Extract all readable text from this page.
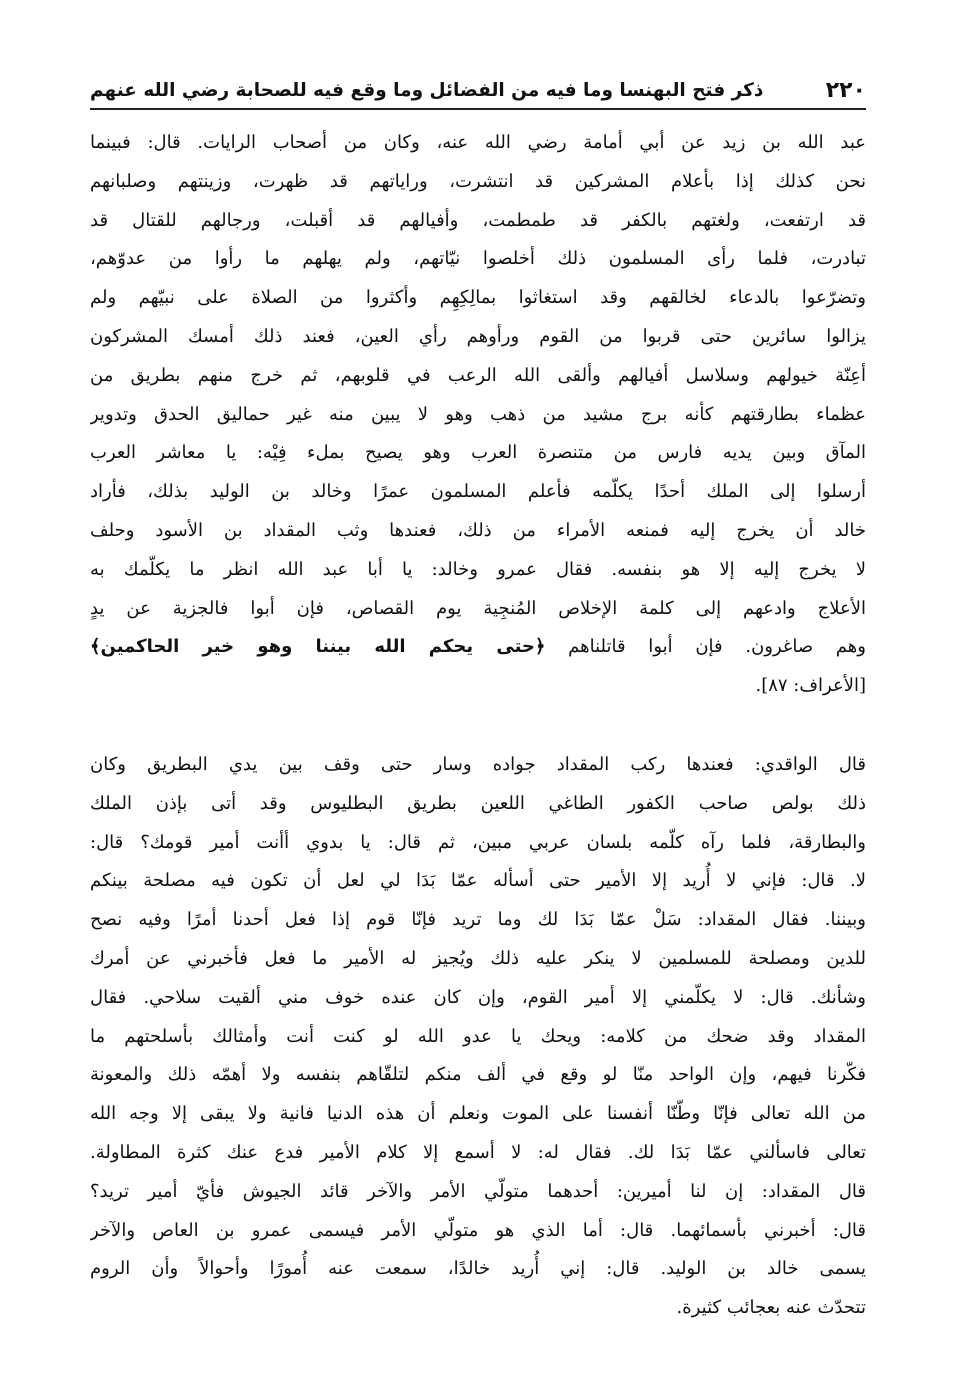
٢٢٠
ذكر فتح البهنسا وما فيه من الفضائل وما وقع فيه للصحابة رضي الله عنهم
عبد الله بن زيد عن أبي أمامة رضي الله عنه، وكان من أصحاب الرايات. قال: فبينما
نحن كذلك إذا بأعلام المشركين قد انتشرت، وراياتهم قد ظهرت، وزينتهم وصلبانهم
قد ارتفعت، ولغتهم بالكفر قد طمطمت، وأفيالهم قد أقبلت، ورجالهم للقتال قد
تبادرت، فلما رأى المسلمون ذلك أخلصوا نيّاتهم، ولم يهلهم ما رأوا من عدوّهم،
وتضرّعوا بالدعاء لخالقهم وقد استغاثوا بمالِكِهِم وأكثروا من الصلاة على نبيّهم ولم
يزالوا سائرين حتى قربوا من القوم ورأوهم رأي العين، فعند ذلك أمسك المشركون
أعِنّة خيولهم وسلاسل أفيالهم وألقى الله الرعب في قلوبهم، ثم خرج منهم بطريق من
عظماء بطارقتهم كأنه برج مشيد من ذهب وهو لا يبين منه غير حماليق الحدق وتدوير
المآق وبين يديه فارس من متنصرة العرب وهو يصيح بملء فِيْه: يا معاشر العرب
أرسلوا إلى الملك أحدًا يكلّمه فأعلم المسلمون عمرًا وخالد بن الوليد بذلك، فأراد
خالد أن يخرج إليه فمنعه الأمراء من ذلك، فعندها وثب المقداد بن الأسود وحلف
لا يخرج إليه إلا هو بنفسه. فقال عمرو وخالد: يا أبا عبد الله انظر ما يكلّمك به
الأعلاج وادعهم إلى كلمة الإخلاص المُنجِية يوم القصاص، فإن أبوا فالجزية عن يدٍ
وهم صاغرون. فإن أبوا قاتلناهم ﴿حتى يحكم الله بيننا وهو خير الحاكمين﴾
[الأعراف: ٨٧].
قال الواقدي: فعندها ركب المقداد جواده وسار حتى وقف بين يدي البطريق وكان
ذلك بولص صاحب الكفور الطاغي اللعين بطريق البطليوس وقد أتى بإذن الملك
والبطارقة، فلما رآه كلّمه بلسان عربي مبين، ثم قال: يا بدوي أأنت أمير قومك؟ قال:
لا. قال: فإني لا أُريد إلا الأمير حتى أسأله عمّا بَدَا لي لعل أن تكون فيه مصلحة بينكم
وبيننا. فقال المقداد: سَلْ عمّا بَدَا لك وما تريد فإنّا قوم إذا فعل أحدنا أمرًا وفيه نصح
للدين ومصلحة للمسلمين لا ينكر عليه ذلك ويُجيز له الأمير ما فعل فأخبرني عن أمرك
وشأنك. قال: لا يكلّمني إلا أمير القوم، وإن كان عنده خوف مني ألقيت سلاحي. فقال
المقداد وقد ضحك من كلامه: ويحك يا عدو الله لو كنت أنت وأمثالك بأسلحتهم ما
فكّرنا فيهم، وإن الواحد منّا لو وقع في ألف منكم لتلقّاهم بنفسه ولا أهمّه ذلك والمعونة
من الله تعالى فإنّا وطّنّا أنفسنا على الموت ونعلم أن هذه الدنيا فانية ولا يبقى إلا وجه الله
تعالى فاسألني عمّا بَدَا لك. فقال له: لا أسمع إلا كلام الأمير فدع عنك كثرة المطاولة.
قال المقداد: إن لنا أميرين: أحدهما متولّي الأمر والآخر قائد الجيوش فأيّ أمير تريد؟
قال: أخبرني بأسمائهما. قال: أما الذي هو متولّي الأمر فيسمى عمرو بن العاص والآخر
يسمى خالد بن الوليد. قال: إني أُريد خالدًا، سمعت عنه أُمورًا وأحوالاً وأن الروم
تتحدّث عنه بعجائب كثيرة.
